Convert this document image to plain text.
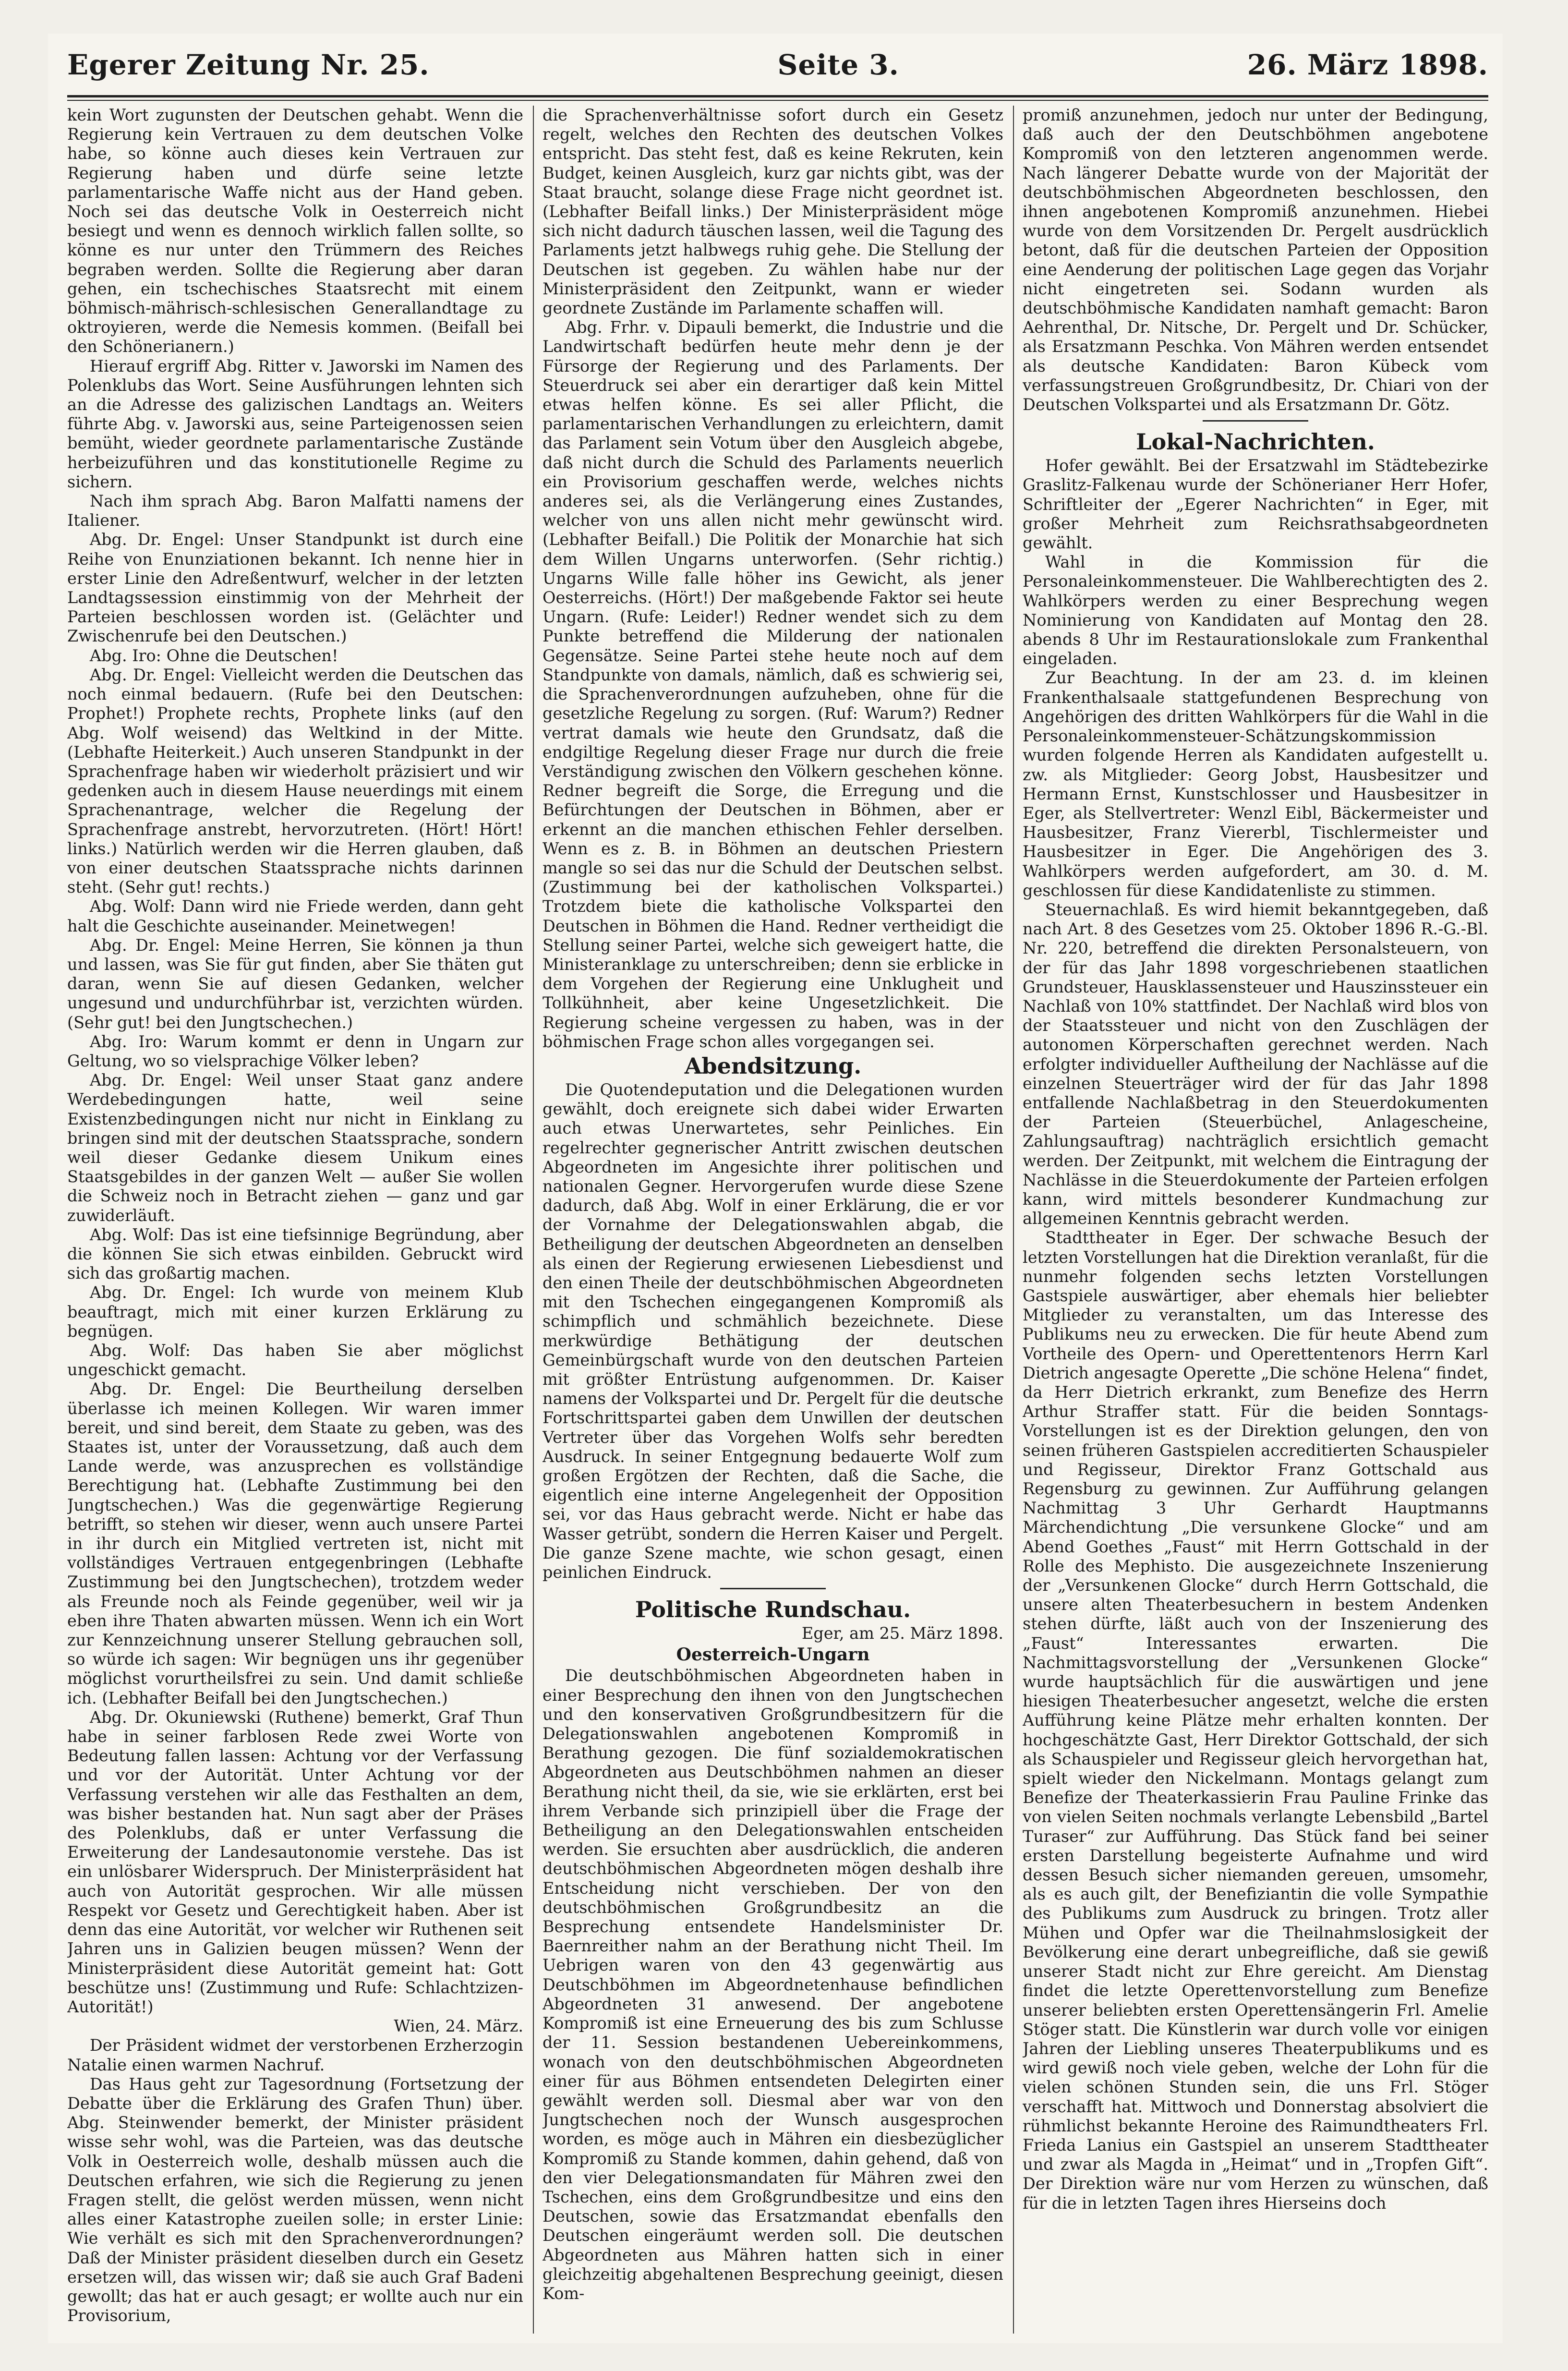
Egerer Zeitung Nr. 25.	Seite 3.	26. März 1898.

kein Wort zugunsten der Deutschen gehabt. Wenn die Regierung kein Vertrauen zu dem deutschen Volke habe, so könne auch dieses kein Vertrauen zur Regierung haben und dürfe seine letzte parlamentarische Waffe nicht aus der Hand geben. Noch sei das deutsche Volk in Oesterreich nicht besiegt und wenn es dennoch wirklich fallen sollte, so könne es nur unter den Trümmern des Reiches begraben werden. Sollte die Regierung aber daran gehen, ein tschechisches Staatsrecht mit einem böhmisch-mährisch-schlesischen Generallandtage zu oktroyieren, werde die Nemesis kommen. (Beifall bei den Schönerianern.)

Hierauf ergriff Abg. Ritter v. Jaworski im Namen des Polenklubs das Wort. Seine Ausführungen lehnten sich an die Adresse des galizischen Landtags an. Weiters führte Abg. v. Jaworski aus, seine Parteigenossen seien bemüht, wieder geordnete parlamentarische Zustände herbeizuführen und das konstitutionelle Regime zu sichern.

Nach ihm sprach Abg. Baron Malfatti namens der Italiener.

Abg. Dr. Engel: Unser Standpunkt ist durch eine Reihe von Enunziationen bekannt. Ich nenne hier in erster Linie den Adreßentwurf, welcher in der letzten Landtagssession einstimmig von der Mehrheit der Parteien beschlossen worden ist. (Gelächter und Zwischenrufe bei den Deutschen.)

Abg. Iro: Ohne die Deutschen!

Abg. Dr. Engel: Vielleicht werden die Deutschen das noch einmal bedauern. (Rufe bei den Deutschen: Prophet!) Prophete rechts, Prophete links (auf den Abg. Wolf weisend) das Weltkind in der Mitte. (Lebhafte Heiterkeit.) Auch unseren Standpunkt in der Sprachenfrage haben wir wiederholt präzisiert und wir gedenken auch in diesem Hause neuerdings mit einem Sprachenantrage, welcher die Regelung der Sprachenfrage anstrebt, hervorzutreten. (Hört! Hört! links.) Natürlich werden wir die Herren glauben, daß von einer deutschen Staatssprache nichts darinnen steht. (Sehr gut! rechts.)

Abg. Wolf: Dann wird nie Friede werden, dann geht halt die Geschichte auseinander. Meinetwegen!

Abg. Dr. Engel: Meine Herren, Sie können ja thun und lassen, was Sie für gut finden, aber Sie thäten gut daran, wenn Sie auf diesen Gedanken, welcher ungesund und undurchführbar ist, verzichten würden. (Sehr gut! bei den Jungtschechen.)

Abg. Iro: Warum kommt er denn in Ungarn zur Geltung, wo so vielsprachige Völker leben?

Abg. Dr. Engel: Weil unser Staat ganz andere Werdebedingungen hatte, weil seine Existenzbedingungen nicht nur nicht in Einklang zu bringen sind mit der deutschen Staatssprache, sondern weil dieser Gedanke diesem Unikum eines Staatsgebildes in der ganzen Welt — außer Sie wollen die Schweiz noch in Betracht ziehen — ganz und gar zuwiderläuft.

Abg. Wolf: Das ist eine tiefsinnige Begründung, aber die können Sie sich etwas einbilden. Gebruckt wird sich das großartig machen.

Abg. Dr. Engel: Ich wurde von meinem Klub beauftragt, mich mit einer kurzen Erklärung zu begnügen.

Abg. Wolf: Das haben Sie aber möglichst ungeschickt gemacht.

Abg. Dr. Engel: Die Beurtheilung derselben überlasse ich meinen Kollegen. Wir waren immer bereit, und sind bereit, dem Staate zu geben, was des Staates ist, unter der Voraussetzung, daß auch dem Lande werde, was anzusprechen es vollständige Berechtigung hat. (Lebhafte Zustimmung bei den Jungtschechen.) Was die gegenwärtige Regierung betrifft, so stehen wir dieser, wenn auch unsere Partei in ihr durch ein Mitglied vertreten ist, nicht mit vollständiges Vertrauen entgegenbringen (Lebhafte Zustimmung bei den Jungtschechen), trotzdem weder als Freunde noch als Feinde gegenüber, weil wir ja eben ihre Thaten abwarten müssen. Wenn ich ein Wort zur Kennzeichnung unserer Stellung gebrauchen soll, so würde ich sagen: Wir begnügen uns ihr gegenüber möglichst vorurtheilsfrei zu sein. Und damit schließe ich. (Lebhafter Beifall bei den Jungtschechen.)

Abg. Dr. Okuniewski (Ruthene) bemerkt, Graf Thun habe in seiner farblosen Rede zwei Worte von Bedeutung fallen lassen: Achtung vor der Verfassung und vor der Autorität. Unter Achtung vor der Verfassung verstehen wir alle das Festhalten an dem, was bisher bestanden hat. Nun sagt aber der Präses des Polenklubs, daß er unter Verfassung die Erweiterung der Landesautonomie verstehe. Das ist ein unlösbarer Widerspruch. Der Ministerpräsident hat auch von Autorität gesprochen. Wir alle müssen Respekt vor Gesetz und Gerechtigkeit haben. Aber ist denn das eine Autorität, vor welcher wir Ruthenen seit Jahren uns in Galizien beugen müssen? Wenn der Ministerpräsident diese Autorität gemeint hat: Gott beschütze uns! (Zustimmung und Rufe: Schlachtzizen-Autorität!)

Wien, 24. März.

Der Präsident widmet der verstorbenen Erzherzogin Natalie einen warmen Nachruf.

Das Haus geht zur Tagesordnung (Fortsetzung der Debatte über die Erklärung des Grafen Thun) über. Abg. Steinwender bemerkt, der Minister präsident wisse sehr wohl, was die Parteien, was das deutsche Volk in Oesterreich wolle, deshalb müssen auch die Deutschen erfahren, wie sich die Regierung zu jenen Fragen stellt, die gelöst werden müssen, wenn nicht alles einer Katastrophe zueilen solle; in erster Linie: Wie verhält es sich mit den Sprachenverordnungen? Daß der Minister präsident dieselben durch ein Gesetz ersetzen will, das wissen wir; daß sie auch Graf Badeni gewollt; das hat er auch gesagt; er wollte auch nur ein Provisorium,

die Sprachenverhältnisse sofort durch ein Gesetz regelt, welches den Rechten des deutschen Volkes entspricht. Das steht fest, daß es keine Rekruten, kein Budget, keinen Ausgleich, kurz gar nichts gibt, was der Staat braucht, solange diese Frage nicht geordnet ist. (Lebhafter Beifall links.) Der Ministerpräsident möge sich nicht dadurch täuschen lassen, weil die Tagung des Parlaments jetzt halbwegs ruhig gehe. Die Stellung der Deutschen ist gegeben. Zu wählen habe nur der Ministerpräsident den Zeitpunkt, wann er wieder geordnete Zustände im Parlamente schaffen will.

Abg. Frhr. v. Dipauli bemerkt, die Industrie und die Landwirtschaft bedürfen heute mehr denn je der Fürsorge der Regierung und des Parlaments. Der Steuerdruck sei aber ein derartiger daß kein Mittel etwas helfen könne. Es sei aller Pflicht, die parlamentarischen Verhandlungen zu erleichtern, damit das Parlament sein Votum über den Ausgleich abgebe, daß nicht durch die Schuld des Parlaments neuerlich ein Provisorium geschaffen werde, welches nichts anderes sei, als die Verlängerung eines Zustandes, welcher von uns allen nicht mehr gewünscht wird. (Lebhafter Beifall.) Die Politik der Monarchie hat sich dem Willen Ungarns unterworfen. (Sehr richtig.) Ungarns Wille falle höher ins Gewicht, als jener Oesterreichs. (Hört!) Der maßgebende Faktor sei heute Ungarn. (Rufe: Leider!) Redner wendet sich zu dem Punkte betreffend die Milderung der nationalen Gegensätze. Seine Partei stehe heute noch auf dem Standpunkte von damals, nämlich, daß es schwierig sei, die Sprachenverordnungen aufzuheben, ohne für die gesetzliche Regelung zu sorgen. (Ruf: Warum?) Redner vertrat damals wie heute den Grundsatz, daß die endgiltige Regelung dieser Frage nur durch die freie Verständigung zwischen den Völkern geschehen könne. Redner begreift die Sorge, die Erregung und die Befürchtungen der Deutschen in Böhmen, aber er erkennt an die manchen ethischen Fehler derselben. Wenn es z. B. in Böhmen an deutschen Priestern mangle so sei das nur die Schuld der Deutschen selbst. (Zustimmung bei der katholischen Volkspartei.) Trotzdem biete die katholische Volkspartei den Deutschen in Böhmen die Hand. Redner vertheidigt die Stellung seiner Partei, welche sich geweigert hatte, die Ministeranklage zu unterschreiben; denn sie erblicke in dem Vorgehen der Regierung eine Unklugheit und Tollkühnheit, aber keine Ungesetzlichkeit. Die Regierung scheine vergessen zu haben, was in der böhmischen Frage schon alles vorgegangen sei.

Abendsitzung.

Die Quotendeputation und die Delegationen wurden gewählt, doch ereignete sich dabei wider Erwarten auch etwas Unerwartetes, sehr Peinliches. Ein regelrechter gegnerischer Antritt zwischen deutschen Abgeordneten im Angesichte ihrer politischen und nationalen Gegner. Hervorgerufen wurde diese Szene dadurch, daß Abg. Wolf in einer Erklärung, die er vor der Vornahme der Delegationswahlen abgab, die Betheiligung der deutschen Abgeordneten an denselben als einen der Regierung erwiesenen Liebesdienst und den einen Theile der deutschböhmischen Abgeordneten mit den Tschechen eingegangenen Kompromiß als schimpflich und schmählich bezeichnete. Diese merkwürdige Bethätigung der deutschen Gemeinbürgschaft wurde von den deutschen Parteien mit größter Entrüstung aufgenommen. Dr. Kaiser namens der Volkspartei und Dr. Pergelt für die deutsche Fortschrittspartei gaben dem Unwillen der deutschen Vertreter über das Vorgehen Wolfs sehr beredten Ausdruck. In seiner Entgegnung bedauerte Wolf zum großen Ergötzen der Rechten, daß die Sache, die eigentlich eine interne Angelegenheit der Opposition sei, vor das Haus gebracht werde. Nicht er habe das Wasser getrübt, sondern die Herren Kaiser und Pergelt. Die ganze Szene machte, wie schon gesagt, einen peinlichen Eindruck.

Politische Rundschau.

Eger, am 25. März 1898.

Oesterreich-Ungarn

Die deutschböhmischen Abgeordneten haben in einer Besprechung den ihnen von den Jungtschechen und den konservativen Großgrundbesitzern für die Delegationswahlen angebotenen Kompromiß in Berathung gezogen. Die fünf sozialdemokratischen Abgeordneten aus Deutschböhmen nahmen an dieser Berathung nicht theil, da sie, wie sie erklärten, erst bei ihrem Verbande sich prinzipiell über die Frage der Betheiligung an den Delegationswahlen entscheiden werden. Sie ersuchten aber ausdrücklich, die anderen deutschböhmischen Abgeordneten mögen deshalb ihre Entscheidung nicht verschieben. Der von den deutschböhmischen Großgrundbesitz an die Besprechung entsendete Handelsminister Dr. Baernreither nahm an der Berathung nicht Theil. Im Uebrigen waren von den 43 gegenwärtig aus Deutschböhmen im Abgeordnetenhause befindlichen Abgeordneten 31 anwesend. Der angebotene Kompromiß ist eine Erneuerung des bis zum Schlusse der 11. Session bestandenen Uebereinkommens, wonach von den deutschböhmischen Abgeordneten einer für aus Böhmen entsendeten Delegirten einer gewählt werden soll. Diesmal aber war von den Jungtschechen noch der Wunsch ausgesprochen worden, es möge auch in Mähren ein diesbezüglicher Kompromiß zu Stande kommen, dahin gehend, daß von den vier Delegationsmandaten für Mähren zwei den Tschechen, eins dem Großgrundbesitze und eins den Deutschen, sowie das Ersatzmandat ebenfalls den Deutschen eingeräumt werden soll. Die deutschen Abgeordneten aus Mähren hatten sich in einer gleichzeitig abgehaltenen Besprechung geeinigt, diesen Kom-

promiß anzunehmen, jedoch nur unter der Bedingung, daß auch der den Deutschböhmen angebotene Kompromiß von den letzteren angenommen werde. Nach längerer Debatte wurde von der Majorität der deutschböhmischen Abgeordneten beschlossen, den ihnen angebotenen Kompromiß anzunehmen. Hiebei wurde von dem Vorsitzenden Dr. Pergelt ausdrücklich betont, daß für die deutschen Parteien der Opposition eine Aenderung der politischen Lage gegen das Vorjahr nicht eingetreten sei. Sodann wurden als deutschböhmische Kandidaten namhaft gemacht: Baron Aehrenthal, Dr. Nitsche, Dr. Pergelt und Dr. Schücker, als Ersatzmann Peschka. Von Mähren werden entsendet als deutsche Kandidaten: Baron Kübeck vom verfassungstreuen Großgrundbesitz, Dr. Chiari von der Deutschen Volkspartei und als Ersatzmann Dr. Götz.

Lokal-Nachrichten.

Hofer gewählt. Bei der Ersatzwahl im Städtebezirke Graslitz-Falkenau wurde der Schönerianer Herr Hofer, Schriftleiter der „Egerer Nachrichten“ in Eger, mit großer Mehrheit zum Reichsrathsabgeordneten gewählt.

Wahl in die Kommission für die Personaleinkommensteuer. Die Wahlberechtigten des 2. Wahlkörpers werden zu einer Besprechung wegen Nominierung von Kandidaten auf Montag den 28. abends 8 Uhr im Restaurationslokale zum Frankenthal eingeladen.

Zur Beachtung. In der am 23. d. im kleinen Frankenthalsaale stattgefundenen Besprechung von Angehörigen des dritten Wahlkörpers für die Wahl in die Personaleinkommensteuer-Schätzungskommission wurden folgende Herren als Kandidaten aufgestellt u. zw. als Mitglieder: Georg Jobst, Hausbesitzer und Hermann Ernst, Kunstschlosser und Hausbesitzer in Eger, als Stellvertreter: Wenzl Eibl, Bäckermeister und Hausbesitzer, Franz Viererbl, Tischlermeister und Hausbesitzer in Eger. Die Angehörigen des 3. Wahlkörpers werden aufgefordert, am 30. d. M. geschlossen für diese Kandidatenliste zu stimmen.

Steuernachlaß. Es wird hiemit bekanntgegeben, daß nach Art. 8 des Gesetzes vom 25. Oktober 1896 R.-G.-Bl. Nr. 220, betreffend die direkten Personalsteuern, von der für das Jahr 1898 vorgeschriebenen staatlichen Grundsteuer, Hausklassensteuer und Hauszinssteuer ein Nachlaß von 10% stattfindet. Der Nachlaß wird blos von der Staatssteuer und nicht von den Zuschlägen der autonomen Körperschaften gerechnet werden. Nach erfolgter individueller Auftheilung der Nachlässe auf die einzelnen Steuerträger wird der für das Jahr 1898 entfallende Nachlaßbetrag in den Steuerdokumenten der Parteien (Steuerbüchel, Anlagescheine, Zahlungsauftrag) nachträglich ersichtlich gemacht werden. Der Zeitpunkt, mit welchem die Eintragung der Nachlässe in die Steuerdokumente der Parteien erfolgen kann, wird mittels besonderer Kundmachung zur allgemeinen Kenntnis gebracht werden.

Stadttheater in Eger. Der schwache Besuch der letzten Vorstellungen hat die Direktion veranlaßt, für die nunmehr folgenden sechs letzten Vorstellungen Gastspiele auswärtiger, aber ehemals hier beliebter Mitglieder zu veranstalten, um das Interesse des Publikums neu zu erwecken. Die für heute Abend zum Vortheile des Opern- und Operettentenors Herrn Karl Dietrich angesagte Operette „Die schöne Helena“ findet, da Herr Dietrich erkrankt, zum Benefize des Herrn Arthur Straffer statt. Für die beiden Sonntags-Vorstellungen ist es der Direktion gelungen, den von seinen früheren Gastspielen accreditierten Schauspieler und Regisseur, Direktor Franz Gottschald aus Regensburg zu gewinnen. Zur Aufführung gelangen Nachmittag 3 Uhr Gerhardt Hauptmanns Märchendichtung „Die versunkene Glocke“ und am Abend Goethes „Faust“ mit Herrn Gottschald in der Rolle des Mephisto. Die ausgezeichnete Inszenierung der „Versunkenen Glocke“ durch Herrn Gottschald, die unsere alten Theaterbesuchern in bestem Andenken stehen dürfte, läßt auch von der Inszenierung des „Faust“ Interessantes erwarten. Die Nachmittagsvorstellung der „Versunkenen Glocke“ wurde hauptsächlich für die auswärtigen und jene hiesigen Theaterbesucher angesetzt, welche die ersten Aufführung keine Plätze mehr erhalten konnten. Der hochgeschätzte Gast, Herr Direktor Gottschald, der sich als Schauspieler und Regisseur gleich hervorgethan hat, spielt wieder den Nickelmann. Montags gelangt zum Benefize der Theaterkassierin Frau Pauline Frinke das von vielen Seiten nochmals verlangte Lebensbild „Bartel Turaser“ zur Aufführung. Das Stück fand bei seiner ersten Darstellung begeisterte Aufnahme und wird dessen Besuch sicher niemanden gereuen, umsomehr, als es auch gilt, der Benefiziantin die volle Sympathie des Publikums zum Ausdruck zu bringen. Trotz aller Mühen und Opfer war die Theilnahmslosigkeit der Bevölkerung eine derart unbegreifliche, daß sie gewiß unserer Stadt nicht zur Ehre gereicht. Am Dienstag findet die letzte Operettenvorstellung zum Benefize unserer beliebten ersten Operettensängerin Frl. Amelie Stöger statt. Die Künstlerin war durch volle vor einigen Jahren der Liebling unseres Theaterpublikums und es wird gewiß noch viele geben, welche der Lohn für die vielen schönen Stunden sein, die uns Frl. Stöger verschafft hat. Mittwoch und Donnerstag absolviert die rühmlichst bekannte Heroine des Raimundtheaters Frl. Frieda Lanius ein Gastspiel an unserem Stadttheater und zwar als Magda in „Heimat“ und in „Tropfen Gift“. Der Direktion wäre nur vom Herzen zu wünschen, daß für die in letzten Tagen ihres Hierseins doch
